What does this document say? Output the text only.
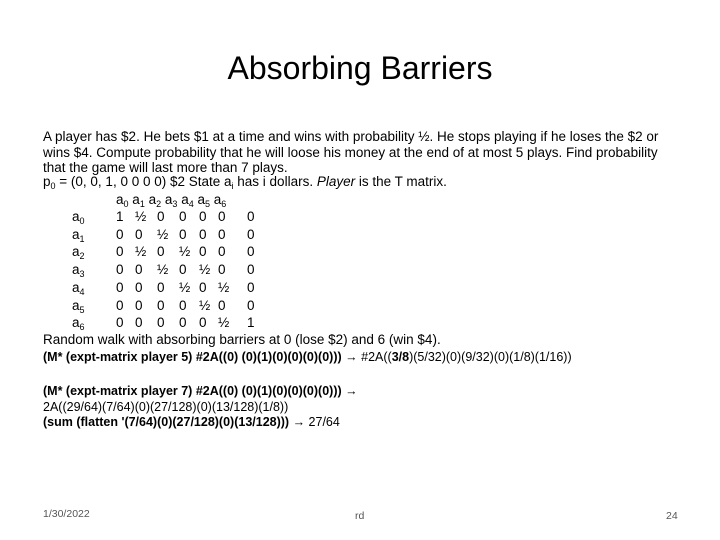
Absorbing Barriers
A player has $2. He bets $1 at a time and wins with probability ½. He stops playing if he loses the $2 or wins $4. Compute probability that he will loose his money at the end of at most 5 plays. Find probability that the game will last more than 7 plays.
$p_0 = (0$, 0, 1, 0 0 0 0) $2 State $a_i$ has i dollars. Player is the T matrix.
$a_0$ $a_1$ $a_2$ $a_3$ $a_4$ $a_5$ $a_6$
$a_0$ 1 ½ 0 0 0 0 0
$a_1$ 0 0 ½ 0 0 0 0
$a_2$ 0 ½ 0 ½ 0 0 0
$a_3$ 0 0 ½ 0 ½ 0 0
$a_4$ 0 0 0 ½ 0 ½ 0
$a_5$ 0 0 0 0 ½ 0 0
$a_6$ 0 0 0 0 0 ½ 1
Random walk with absorbing barriers at 0 (lose $2) and 6 (win $4).
(M* (expt-matrix player 5) #2A((0) (0)(1)(0)(0)(0)(0))) → #2A((3/8)(5/32)(0)(9/32)(0)(1/8)(1/16))
(M* (expt-matrix player 7) #2A((0) (0)(1)(0)(0)(0)(0))) →
2A((29/64)(7/64)(0)(27/128)(0)(13/128)(1/8))
(sum (flatten '(7/64)(0)(27/128)(0)(13/128))) → 27/64
1/30/2022	rd	24
